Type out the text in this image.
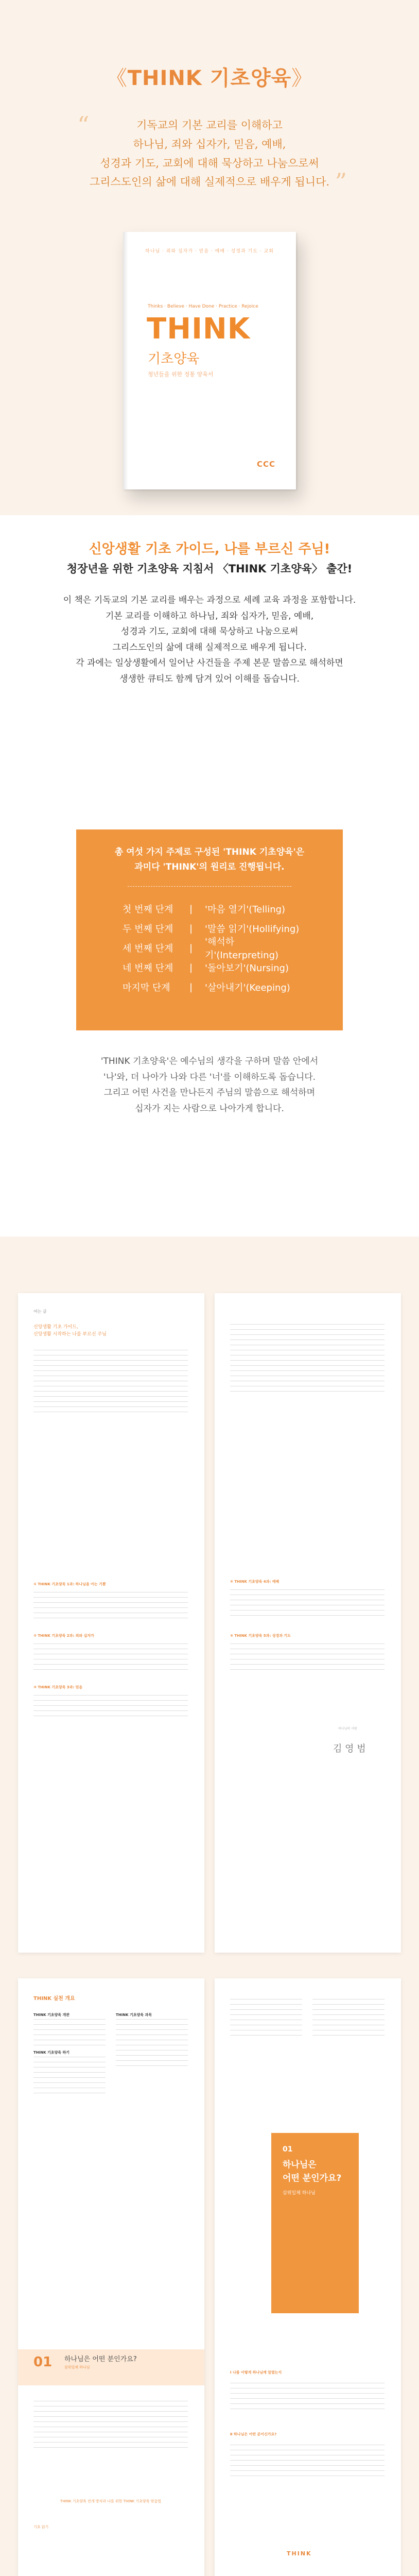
《THINK 기초양육》
“	기독교의 기본 교리를 이해하고
하나님, 죄와 십자가, 믿음, 예배,
성경과 기도, 교회에 대해 묵상하고 나눔으로써
그리스도인의 삶에 대해 실제적으로 배우게 됩니다. ”
하나님 · 죄와 십자가 · 믿음 · 예배 · 성경과 기도 · 교회
Thinks · Believe · Have Done · Practice · Rejoice
THINK
기초양육
청년들을 위한 정통 양육서
CCC
신앙생활 기초 가이드, 나를 부르신 주님!
청장년을 위한 기초양육 지침서 〈THINK 기초양육〉 출간!
이 책은 기독교의 기본 교리를 배우는 과정으로 세례 교육 과정을 포함합니다.
기본 교리를 이해하고 하나님, 죄와 십자가, 믿음, 예배,
성경과 기도, 교회에 대해 묵상하고 나눔으로써
그리스도인의 삶에 대해 실제적으로 배우게 됩니다.
각 과에는 일상생활에서 일어난 사건들을 주제 본문 말씀으로 해석하면
생생한 큐티도 함께 담겨 있어 이해를 돕습니다.
총 여섯 가지 주제로 구성된 'THINK 기초양육'은
과미다 'THINK'의 원리로 진행됩니다.
첫 번째 단계	|	'마음 열기'(Telling)
두 번째 단계	|	'말씀 읽기'(Hollifying)
세 번째 단계	|
'해석하기'(Interpreting)
네 번째 단계	|	'돌아보기'(Nursing)
마지막 단계	|	'살아내기'(Keeping)
'THINK 기초양육'은 예수님의 생각을 구하며 말씀 안에서
'나'와, 더 나아가 나와 다른 '너'를 이해하도록 돕습니다.
그리고 어떤 사건을 만나든지 주님의 말씀으로 해석하며
십자가 지는 사람으로 나아가게 합니다.
여는 글
신앙생활 기초 가이드,
신앙생활 시작하는 나를 부르신 주님
① THINK 기초양육 1과: 하나님을 아는 기쁨
② THINK 기초양육 2과: 죄와 십자가
③ THINK 기초양육 3과: 믿음
④ THINK 기초양육 4과: 예배
⑤ THINK 기초양육 5과: 성경과 기도
하나님의 사람
김 영 범
THINK 실천 개요
THINK 기초양육 개관
THINK 기초양육 하기
THINK 기초양육 과목
THINK 기초양육 전개 방식과 나를 위한 THINK 기초양육 맞춤법
01 하나님은 어떤 분인가요?
삼위일체 하나님
기초 읽기
01
하나님은
어떤 분인가요?
삼위일체 하나님
THINK
Ⅰ 나를 어떻게 하나님께 알렸는지
Ⅱ 하나님은 어떤 분이신가요?
